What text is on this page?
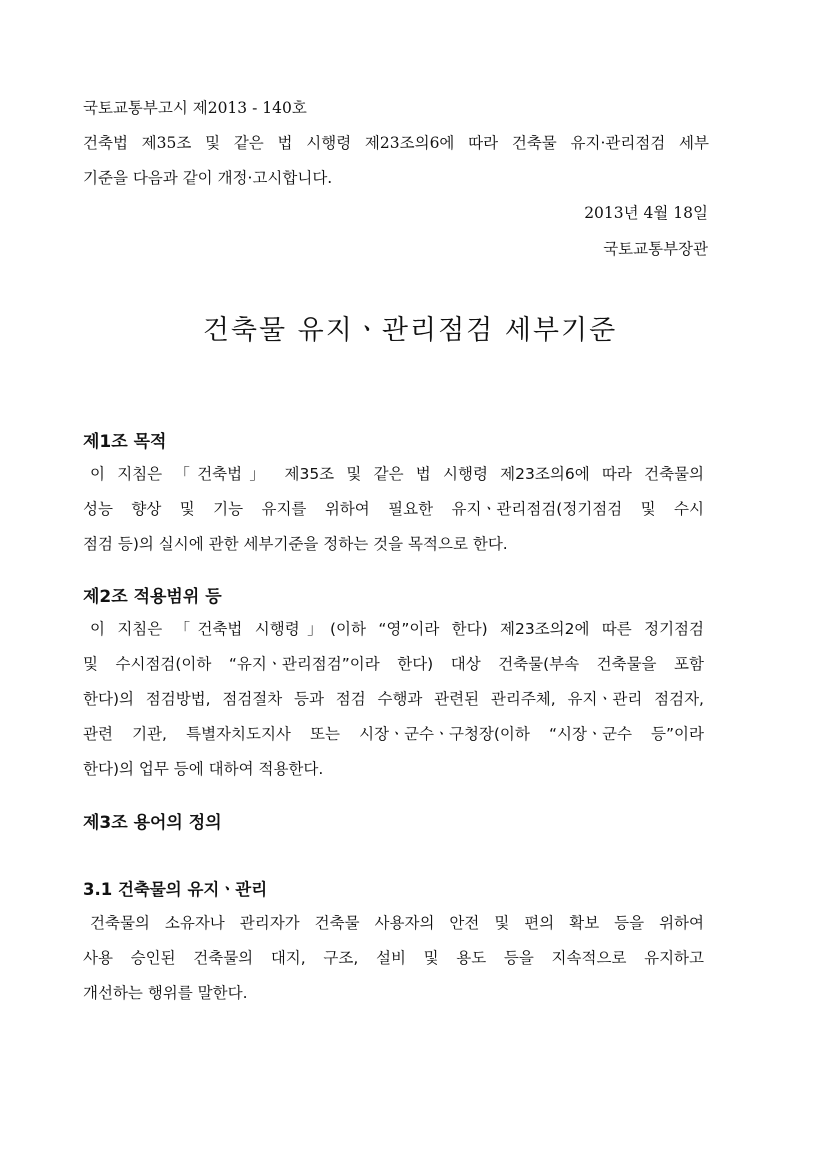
국토교통부고시 제2013 - 140호
건축법 제35조 및 같은 법 시행령 제23조의6에 따라 건축물 유지·관리점검 세부
기준을 다음과 같이 개정·고시합니다.
2013년 4월 18일
국토교통부장관
건축물 유지ㆍ관리점검 세부기준
제1조 목적
이 지침은 「건축법」 제35조 및 같은 법 시행령 제23조의6에 따라 건축물의
성능 향상 및 기능 유지를 위하여 필요한 유지ㆍ관리점검(정기점검 및 수시
점검 등)의 실시에 관한 세부기준을 정하는 것을 목적으로 한다.
제2조 적용범위 등
이 지침은 「건축법 시행령」(이하 “영”이라 한다) 제23조의2에 따른 정기점검
및 수시점검(이하 “유지ㆍ관리점검”이라 한다) 대상 건축물(부속 건축물을 포함
한다)의 점검방법, 점검절차 등과 점검 수행과 관련된 관리주체, 유지ㆍ관리 점검자,
관련 기관, 특별자치도지사 또는 시장ㆍ군수ㆍ구청장(이하 “시장ㆍ군수 등”이라
한다)의 업무 등에 대하여 적용한다.
제3조 용어의 정의
3.1 건축물의 유지ㆍ관리
건축물의 소유자나 관리자가 건축물 사용자의 안전 및 편의 확보 등을 위하여
사용 승인된 건축물의 대지, 구조, 설비 및 용도 등을 지속적으로 유지하고
개선하는 행위를 말한다.
